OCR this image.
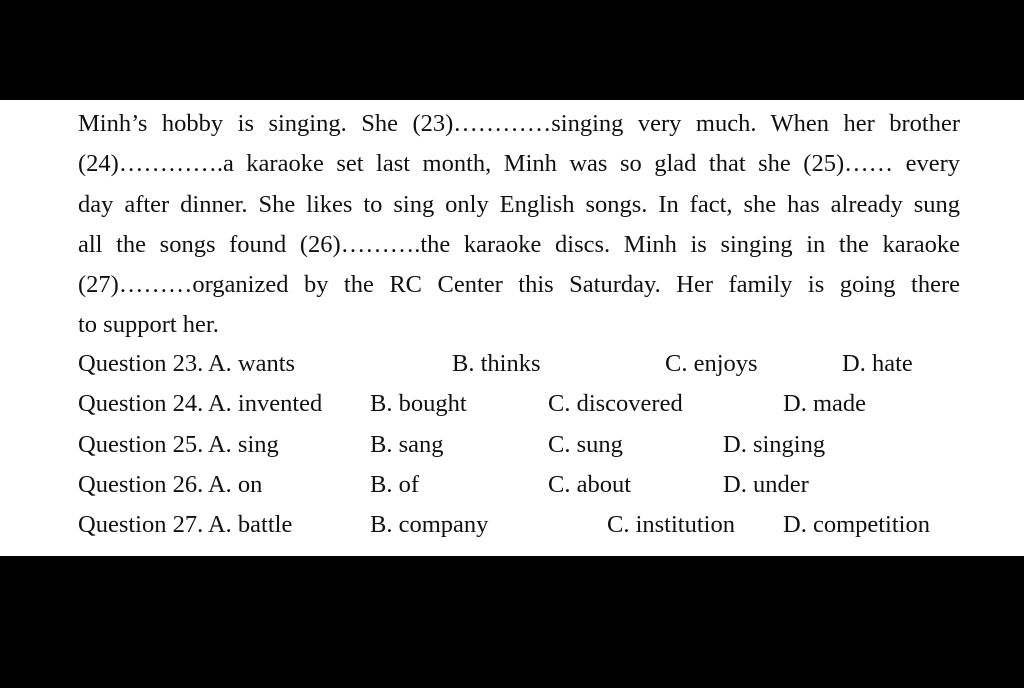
Minh’s hobby is singing. She (23)…………singing very much. When her brother
(24)………….a karaoke set last month, Minh was so glad that she (25)…… every
day after dinner. She likes to sing only English songs. In fact, she has already sung
all the songs found (26)……….the karaoke discs. Minh is singing in the karaoke
(27)………organized by the RC Center this Saturday. Her family is going there
to support her.
Question 23. A. wants	B. thinks	C. enjoys	D. hate
Question 24. A. invented B. bought	C. discovered	D. made
Question 25. A. sing	B. sang	C. sung	D. singing
Question 26. A. on	B. of	C. about	D. under
Question 27. A. battle	B. company	C. institution D. competition
